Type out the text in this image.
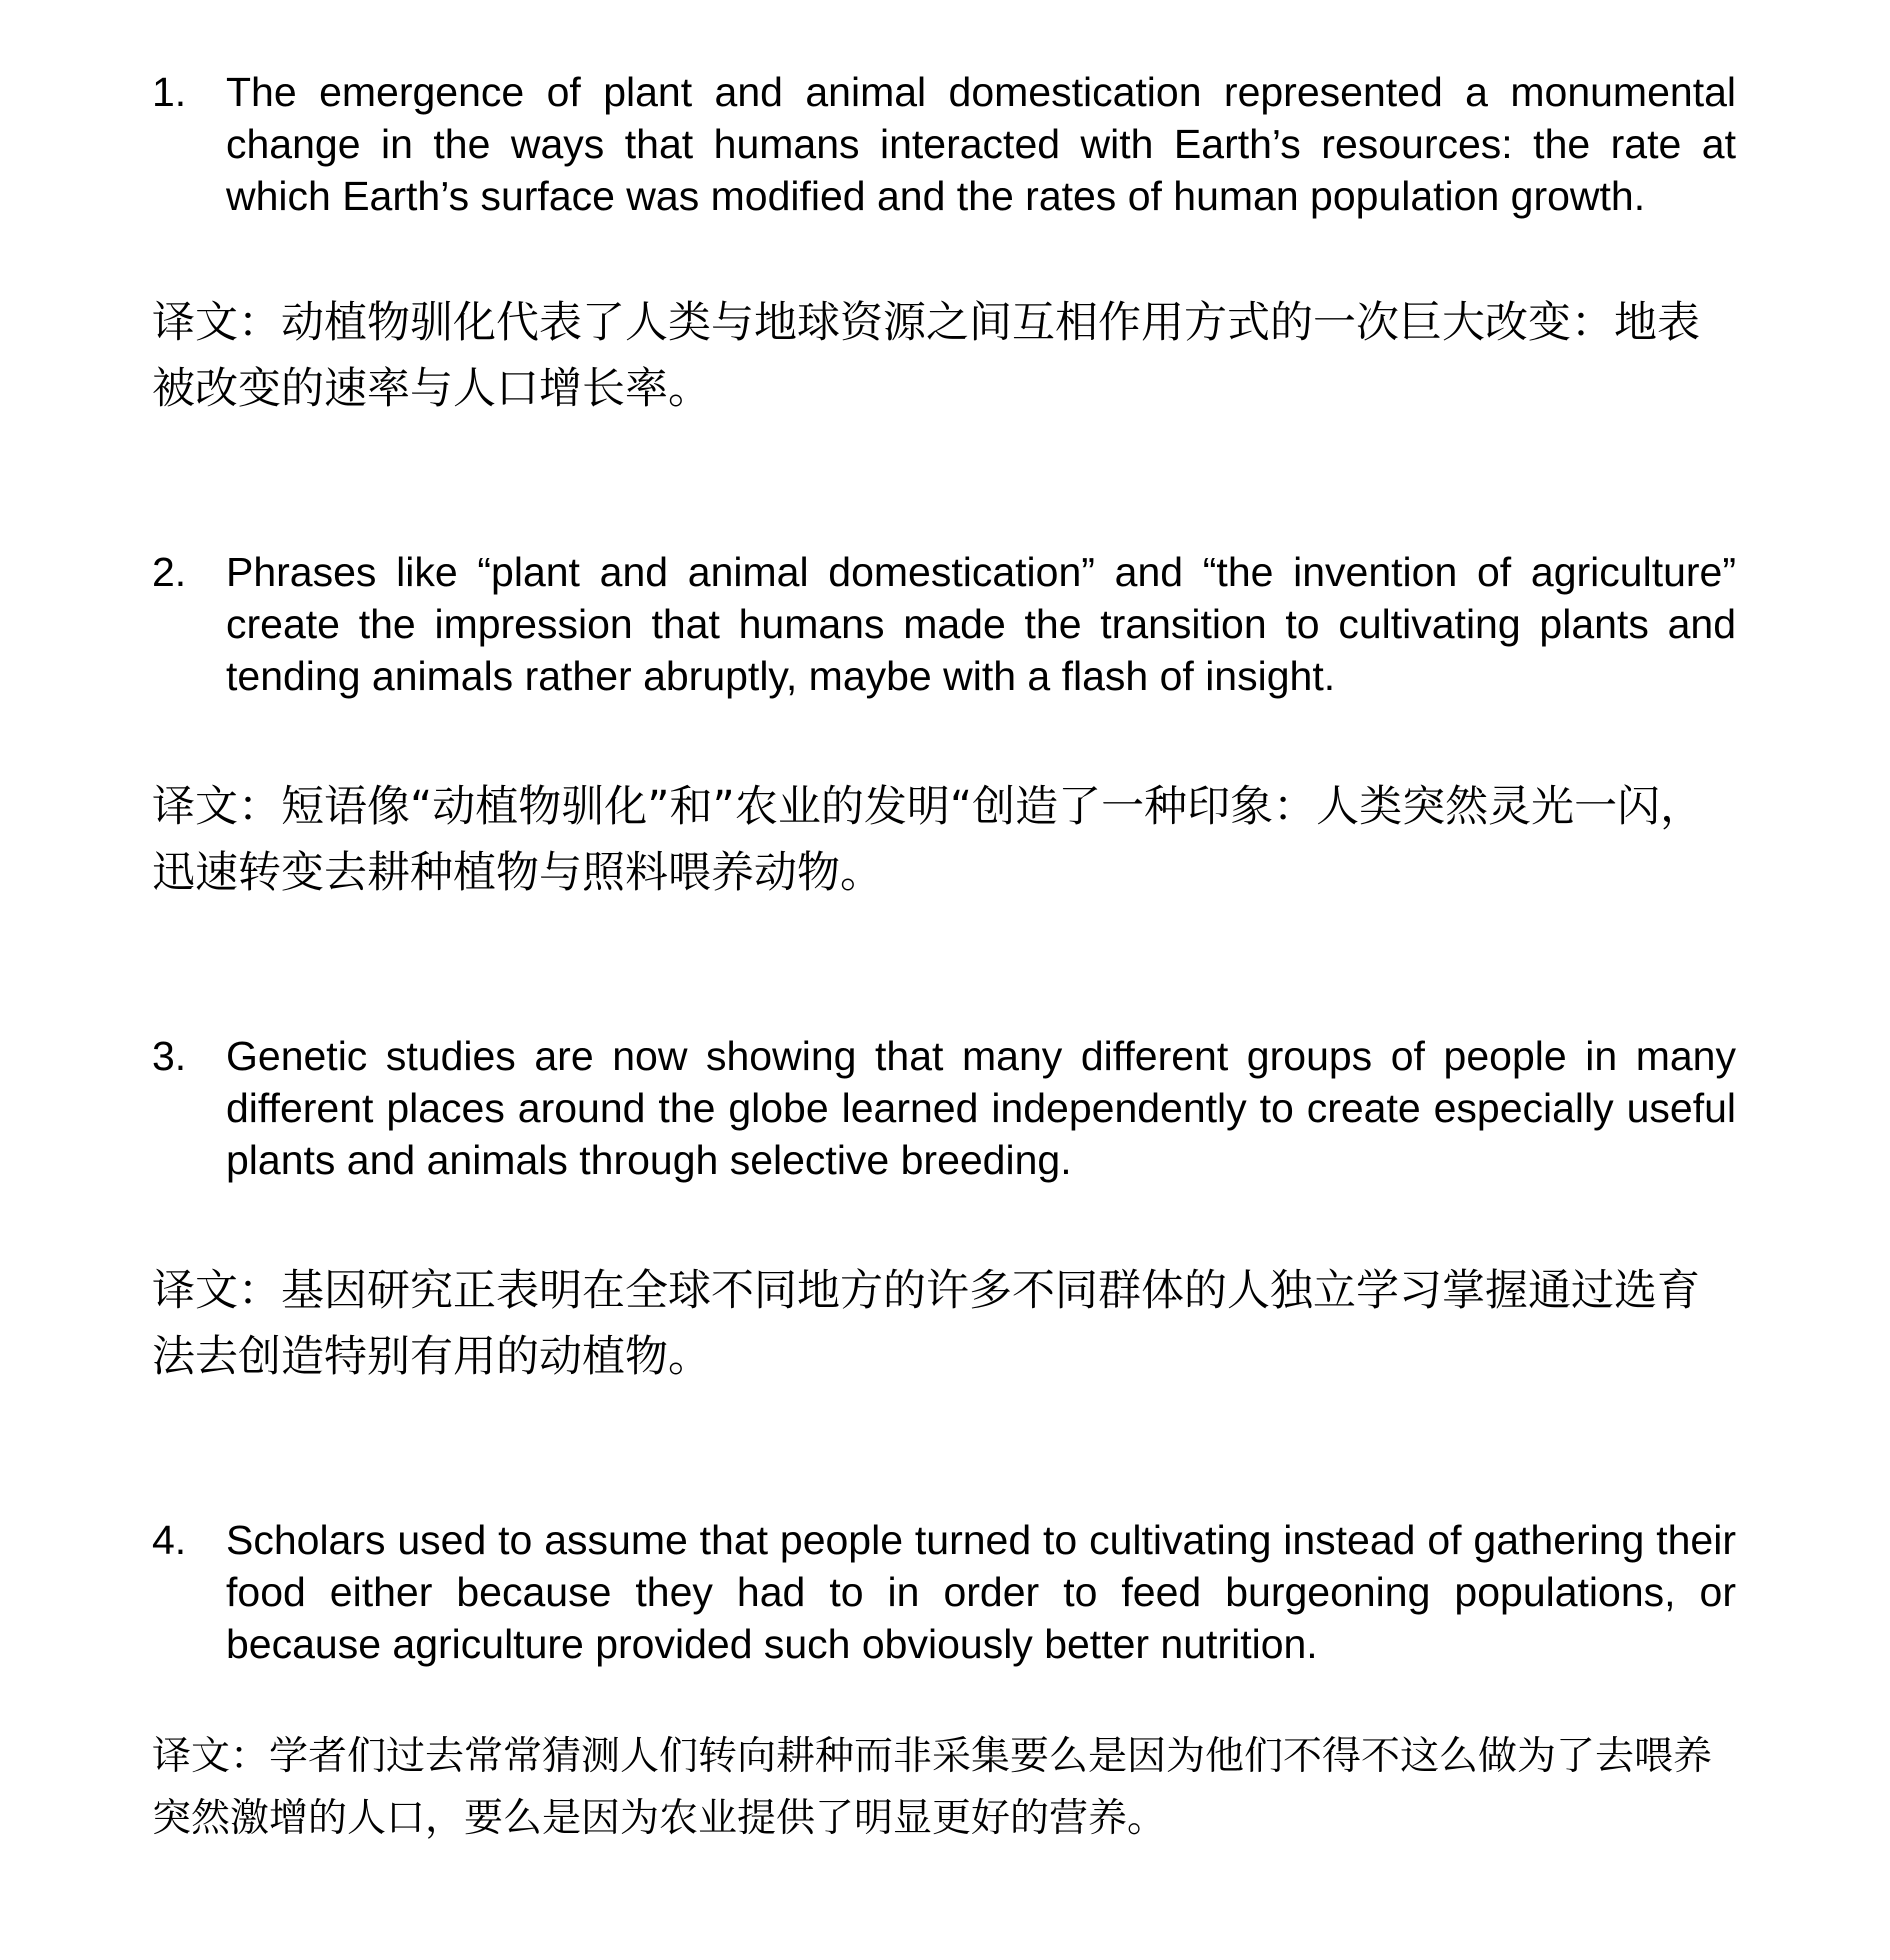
1. The emergence of plant and animal domestication represented a monumental change in the ways that humans interacted with Earth’s resources: the rate at which Earth’s surface was modified and the rates of human population growth.
译文：动植物驯化代表了人类与地球资源之间互相作用方式的一次巨大改变：地表被改变的速率与人口增长率。
2. Phrases like “plant and animal domestication” and “the invention of agriculture” create the impression that humans made the transition to cultivating plants and tending animals rather abruptly, maybe with a flash of insight.
译文：短语像“动植物驯化”和”农业的发明“创造了一种印象：人类突然灵光一闪，迅速转变去耕种植物与照料喂养动物。
3. Genetic studies are now showing that many different groups of people in many different places around the globe learned independently to create especially useful plants and animals through selective breeding.
译文：基因研究正表明在全球不同地方的许多不同群体的人独立学习掌握通过选育法去创造特别有用的动植物。
4. Scholars used to assume that people turned to cultivating instead of gathering their food either because they had to in order to feed burgeoning populations, or because agriculture provided such obviously better nutrition.
译文：学者们过去常常猜测人们转向耕种而非采集要么是因为他们不得不这么做为了去喂养突然激增的人口，要么是因为农业提供了明显更好的营养。
